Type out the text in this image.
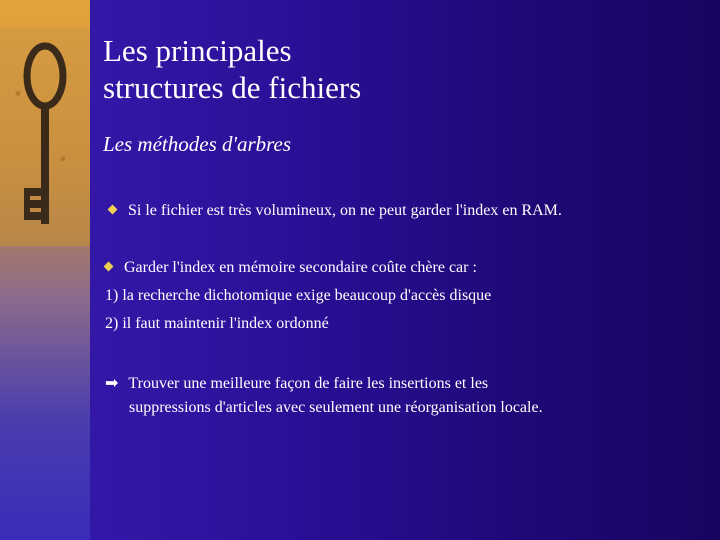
Les principales
structures de fichiers
Les méthodes d'arbres
Si le fichier est très volumineux, on ne peut garder l'index en RAM.
Garder l'index en mémoire secondaire coûte chère car :
1) la recherche dichotomique exige beaucoup d'accès disque
2) il faut maintenir l'index ordonné
➡ Trouver une meilleure façon de faire les insertions et les
suppressions d'articles avec seulement une réorganisation locale.
